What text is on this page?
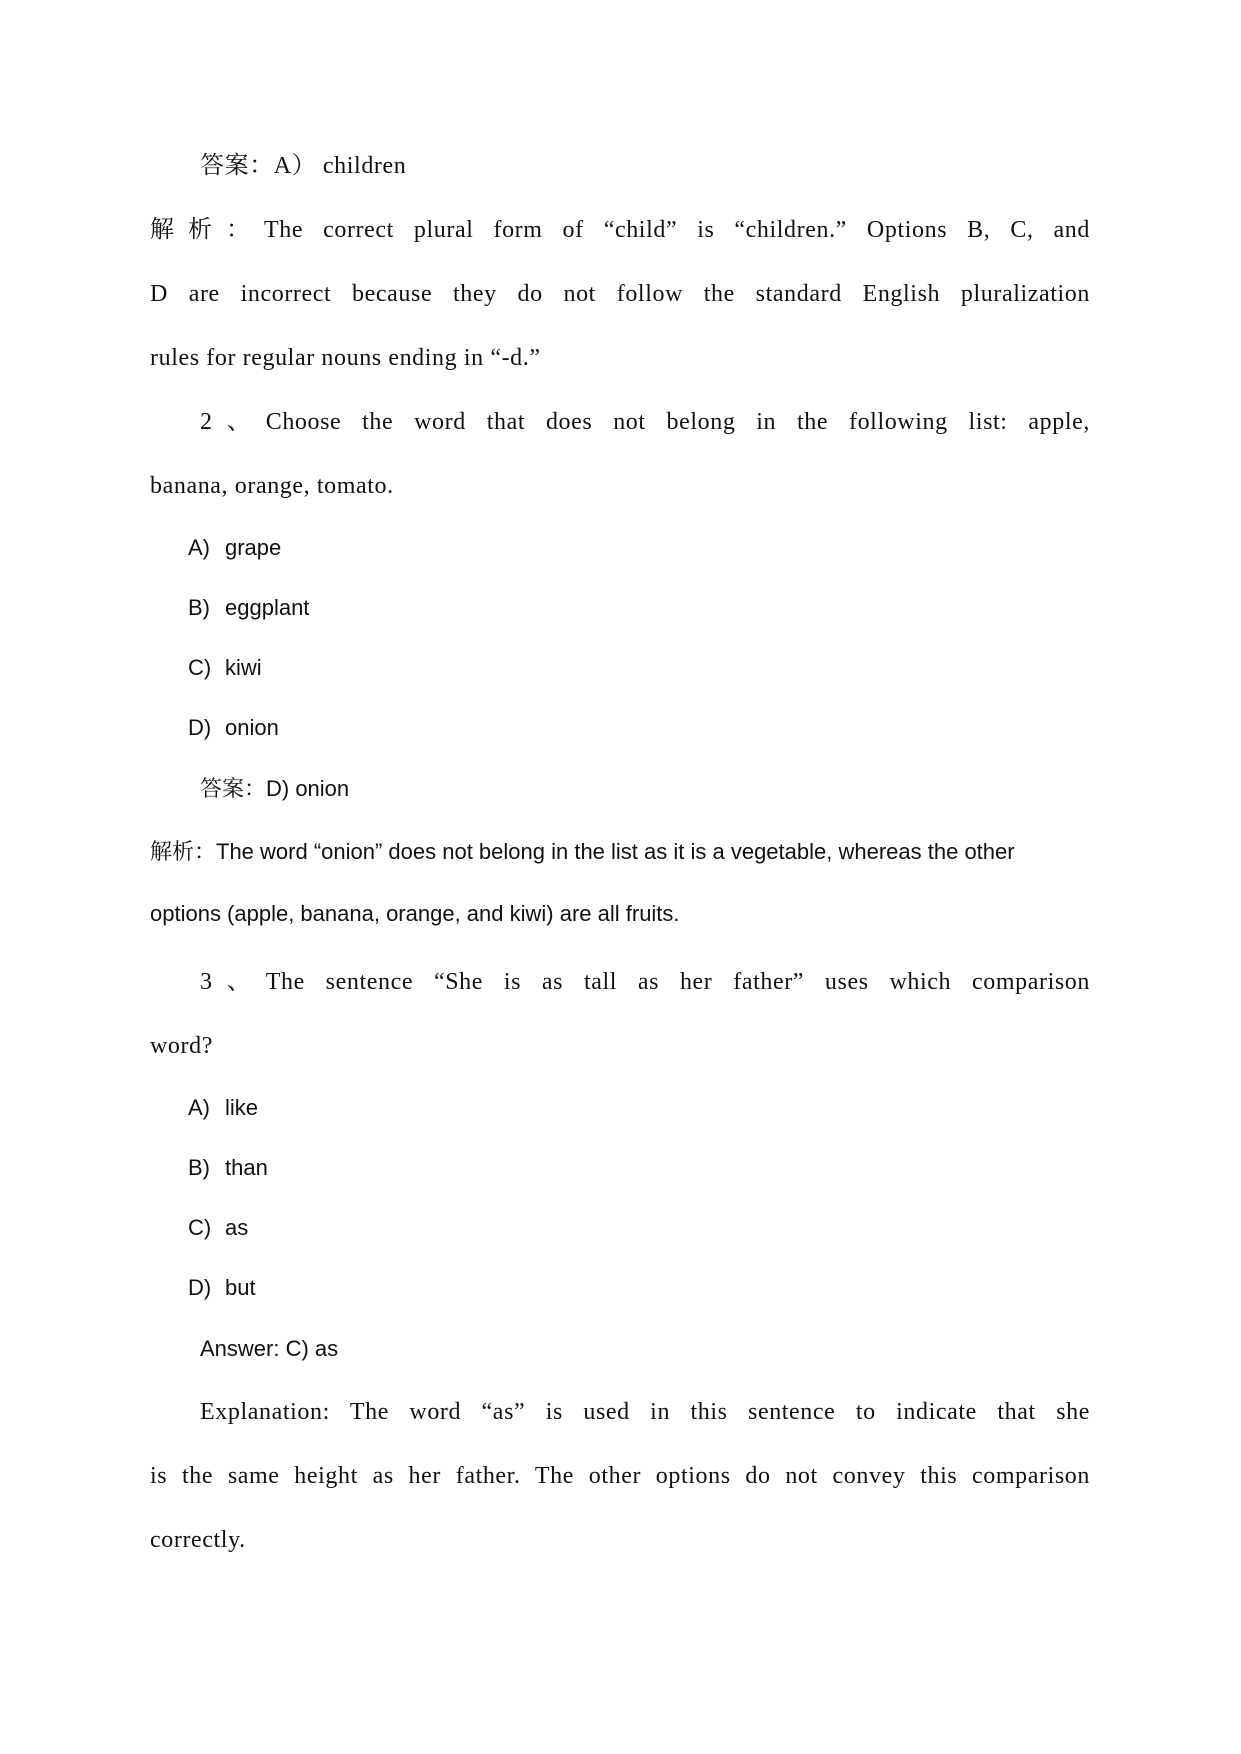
答案：A） children
解析：The correct plural form of “child” is “children.” Options B, C, and
D are incorrect because they do not follow the standard English pluralization
rules for regular nouns ending in “-d.”
2、Choose the word that does not belong in the following list: apple,
banana, orange, tomato.
A) grape
B) eggplant
C) kiwi
D) onion
答案：D) onion
解析：The word “onion” does not belong in the list as it is a vegetable, whereas the other
options (apple, banana, orange, and kiwi) are all fruits.
3、The sentence “She is as tall as her father” uses which comparison
word?
A) like
B) than
C) as
D) but
Answer: C) as
Explanation: The word “as” is used in this sentence to indicate that she
is the same height as her father. The other options do not convey this comparison
correctly.
